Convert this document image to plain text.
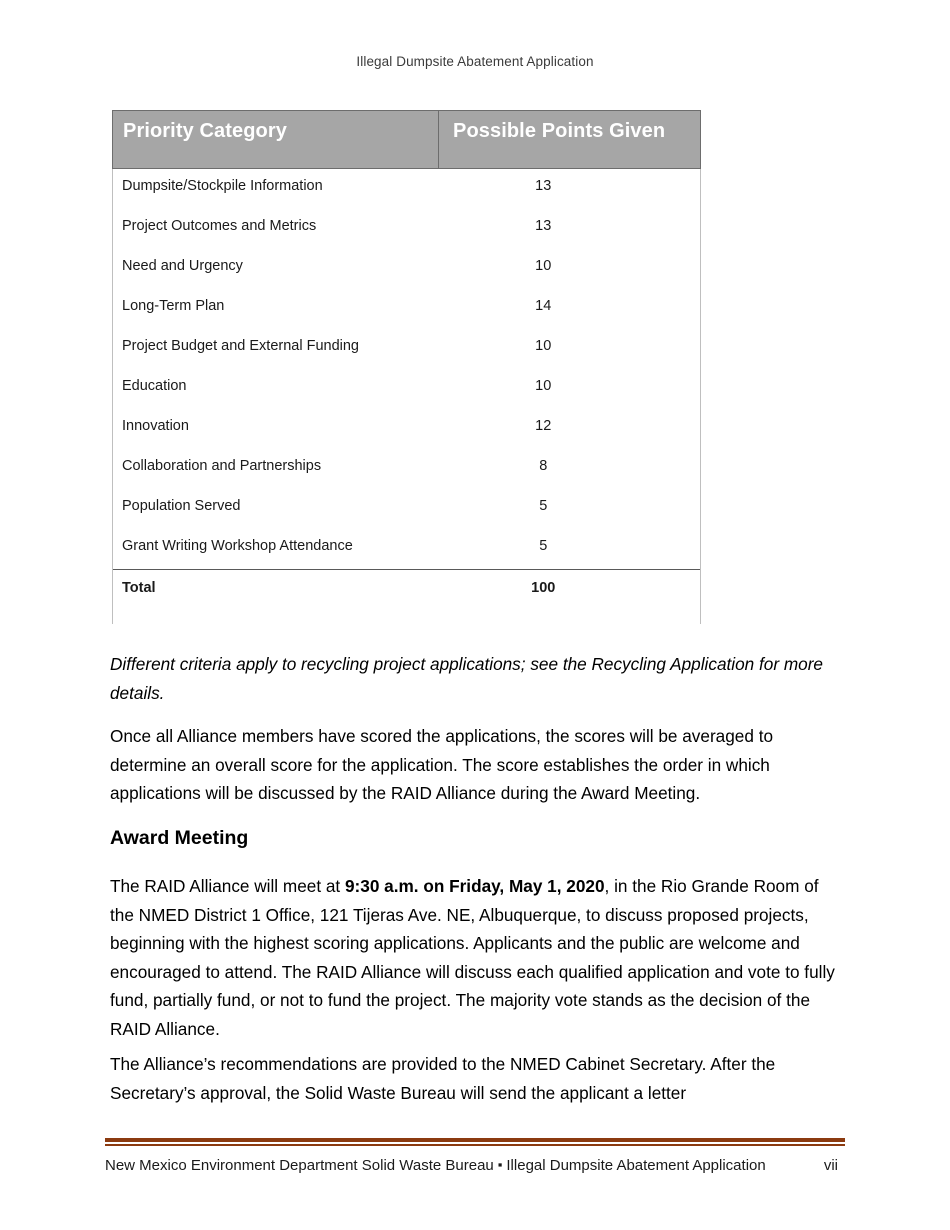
Illegal Dumpsite Abatement Application
Priority Category	Possible Points Given
Dumpsite/Stockpile Information	13
Project Outcomes and Metrics	13
Need and Urgency	10
Long-Term Plan	14
Project Budget and External Funding	10
Education	10
Innovation	12
Collaboration and Partnerships	8
Population Served	5
Grant Writing Workshop Attendance	5
Total	100

Different criteria apply to recycling project applications; see the Recycling Application for more details.

Once all Alliance members have scored the applications, the scores will be averaged to determine an overall score for the application. The score establishes the order in which applications will be discussed by the RAID Alliance during the Award Meeting.

Award Meeting

The RAID Alliance will meet at 9:30 a.m. on Friday, May 1, 2020, in the Rio Grande Room of the NMED District 1 Office, 121 Tijeras Ave. NE, Albuquerque, to discuss proposed projects, beginning with the highest scoring applications. Applicants and the public are welcome and encouraged to attend. The RAID Alliance will discuss each qualified application and vote to fully fund, partially fund, or not to fund the project. The majority vote stands as the decision of the RAID Alliance.

The Alliance’s recommendations are provided to the NMED Cabinet Secretary. After the Secretary’s approval, the Solid Waste Bureau will send the applicant a letter

New Mexico Environment Department Solid Waste Bureau ▪ Illegal Dumpsite Abatement Application	vii
